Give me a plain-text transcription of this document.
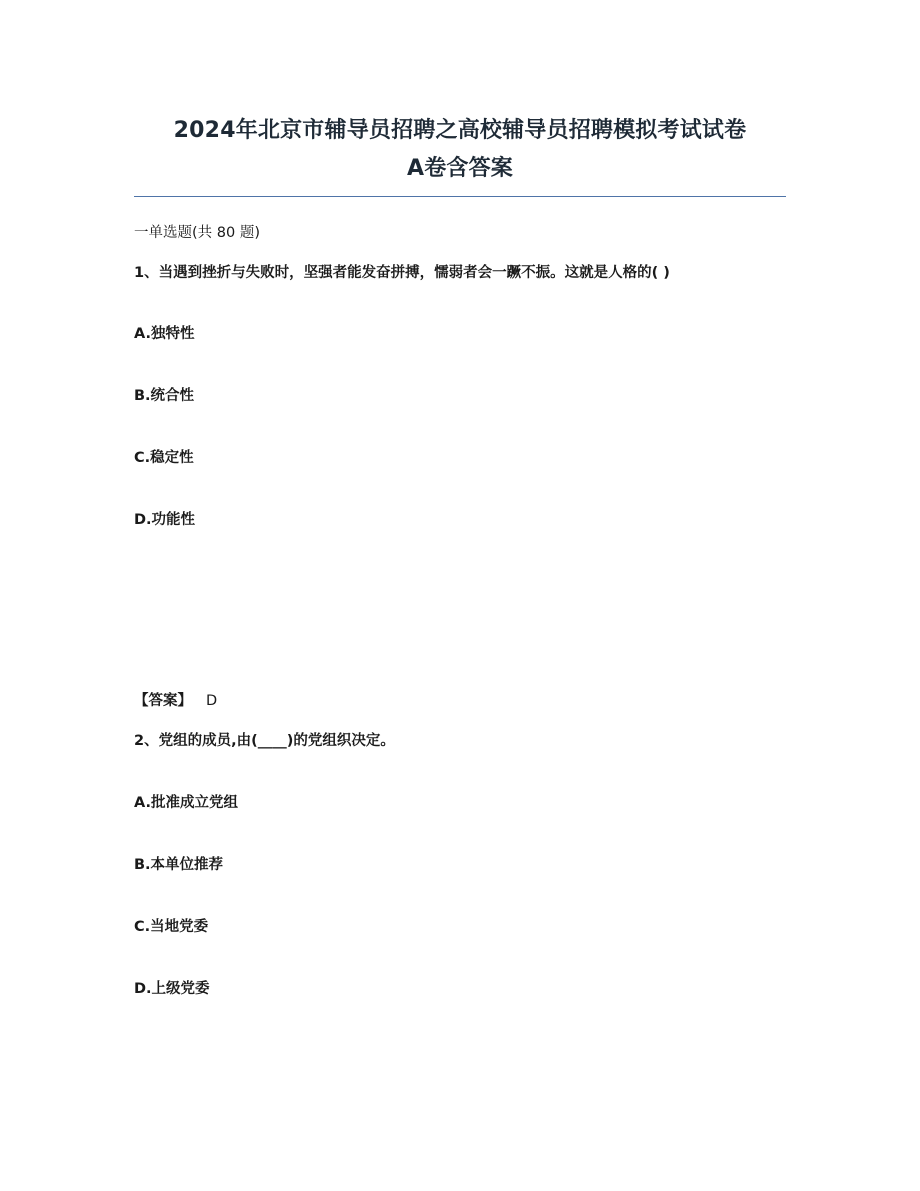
2024年北京市辅导员招聘之高校辅导员招聘模拟考试试卷
A卷含答案
一单选题(共 80 题)
1、当遇到挫折与失败时，坚强者能发奋拼搏，懦弱者会一蹶不振。这就是人格的( )
A.独特性
B.统合性
C.稳定性
D.功能性
【答案】 D
2、党组的成员,由(____)的党组织决定。
A.批准成立党组
B.本单位推荐
C.当地党委
D.上级党委
